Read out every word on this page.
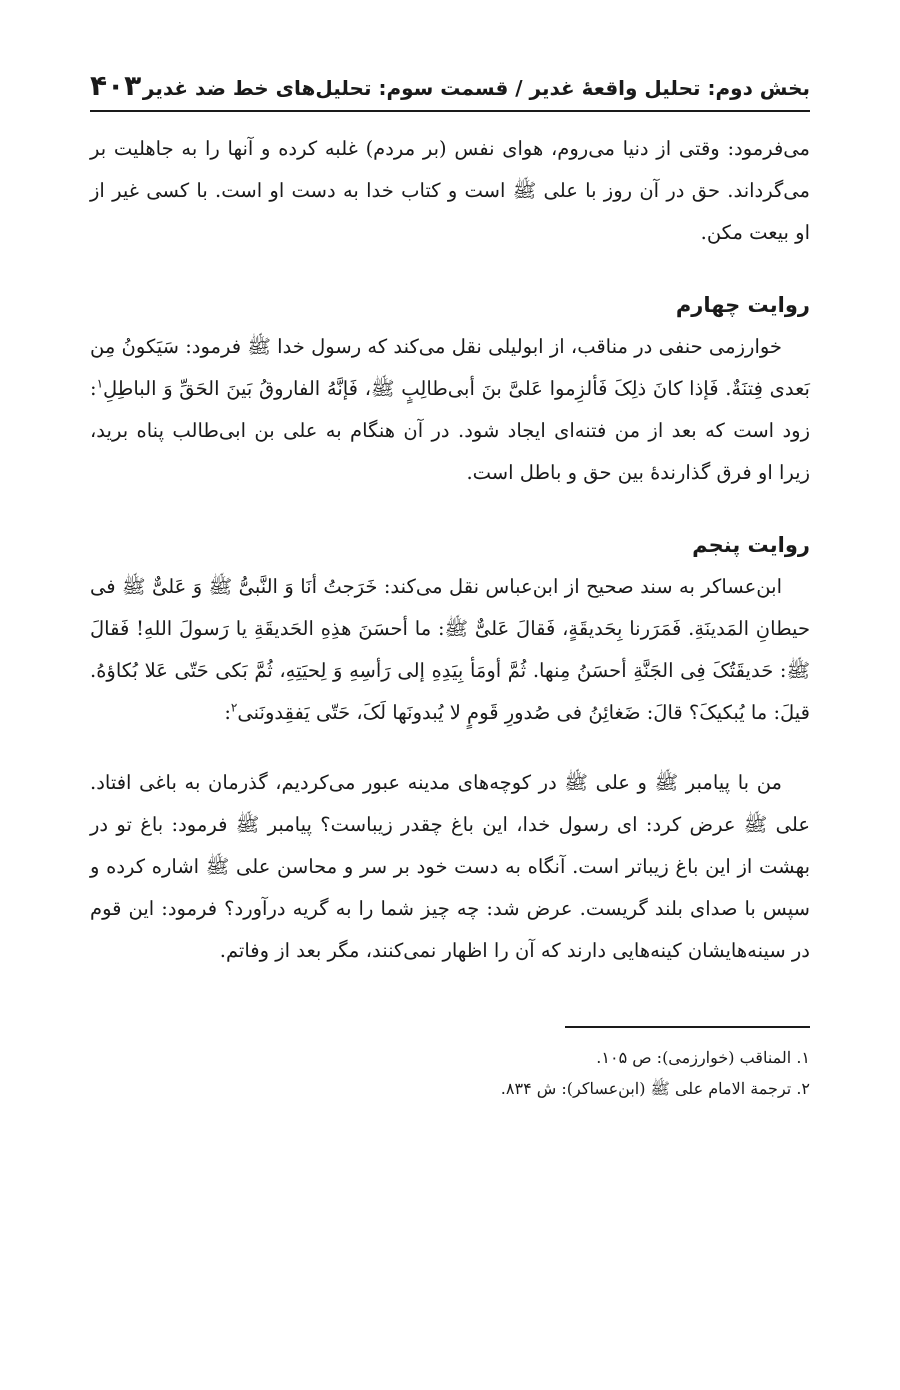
بخش دوم: تحلیل واقعهٔ غدیر / قسمت سوم: تحلیل‌های خط ضد غدیر
۴۰۳

می‌فرمود: وقتی از دنیا می‌روم، هوای نفس (بر مردم) غلبه کرده و آنها را به جاهلیت بر می‌گرداند. حق در آن روز با علی ﷺ است و کتاب خدا به دست او است. با کسی غیر از او بیعت مکن.

روایت چهارم

خوارزمی حنفی در مناقب، از ابولیلی نقل می‌کند که رسول خدا ﷺ فرمود: سَیَکونُ مِن بَعدی فِتنَةٌ. فَإذا کانَ ذلِکَ فَألزِموا عَلیَّ بنَ أبی‌طالِبٍ ﷺ، فَإنَّهُ الفاروقُ بَینَ الحَقِّ وَ الباطِلِ$^۱$: زود است که بعد از من فتنه‌ای ایجاد شود. در آن هنگام به علی بن ابی‌طالب پناه برید، زیرا او فرق گذارندهٔ بین حق و باطل است.

روایت پنجم

ابن‌عساکر به سند صحیح از ابن‌عباس نقل می‌کند: خَرَجتُ أنَا وَ النَّبیُّ ﷺ وَ عَلیٌّ ﷺ فی حیطانِ المَدینَةِ. فَمَرَرنا بِحَدیقَةٍ، فَقالَ عَلیٌّ ﷺ: ما أحسَنَ هذِهِ الحَدیقَةِ یا رَسولَ اللهِ! فَقالَ ﷺ: حَدیقَتُکَ فِی الجَنَّةِ أحسَنُ مِنها. ثُمَّ أومَأ بِیَدِهِ إلی رَأسِهِ وَ لِحیَتِهِ، ثُمَّ بَکی حَتّی عَلا بُکاؤهُ. قیلَ: ما یُبکیکَ؟ قالَ: ضَغائِنُ فی صُدورِ قَومٍ لا یُبدونَها لَکَ، حَتّی یَفقِدونَنی$^۲$:

من با پیامبر ﷺ و علی ﷺ در کوچه‌های مدینه عبور می‌کردیم، گذرمان به باغی افتاد. علی ﷺ عرض کرد: ای رسول خدا، این باغ چقدر زیباست؟ پیامبر ﷺ فرمود: باغ تو در بهشت از این باغ زیباتر است. آنگاه به دست خود بر سر و محاسن علی ﷺ اشاره کرده و سپس با صدای بلند گریست. عرض شد: چه چیز شما را به گریه درآورد؟ فرمود: این قوم در سینه‌هایشان کینه‌هایی دارند که آن را اظهار نمی‌کنند، مگر بعد از وفاتم.

۱. المناقب (خوارزمی): ص ۱۰۵.

۲. ترجمة الامام علی ﷺ (ابن‌عساکر): ش ۸۳۴.
